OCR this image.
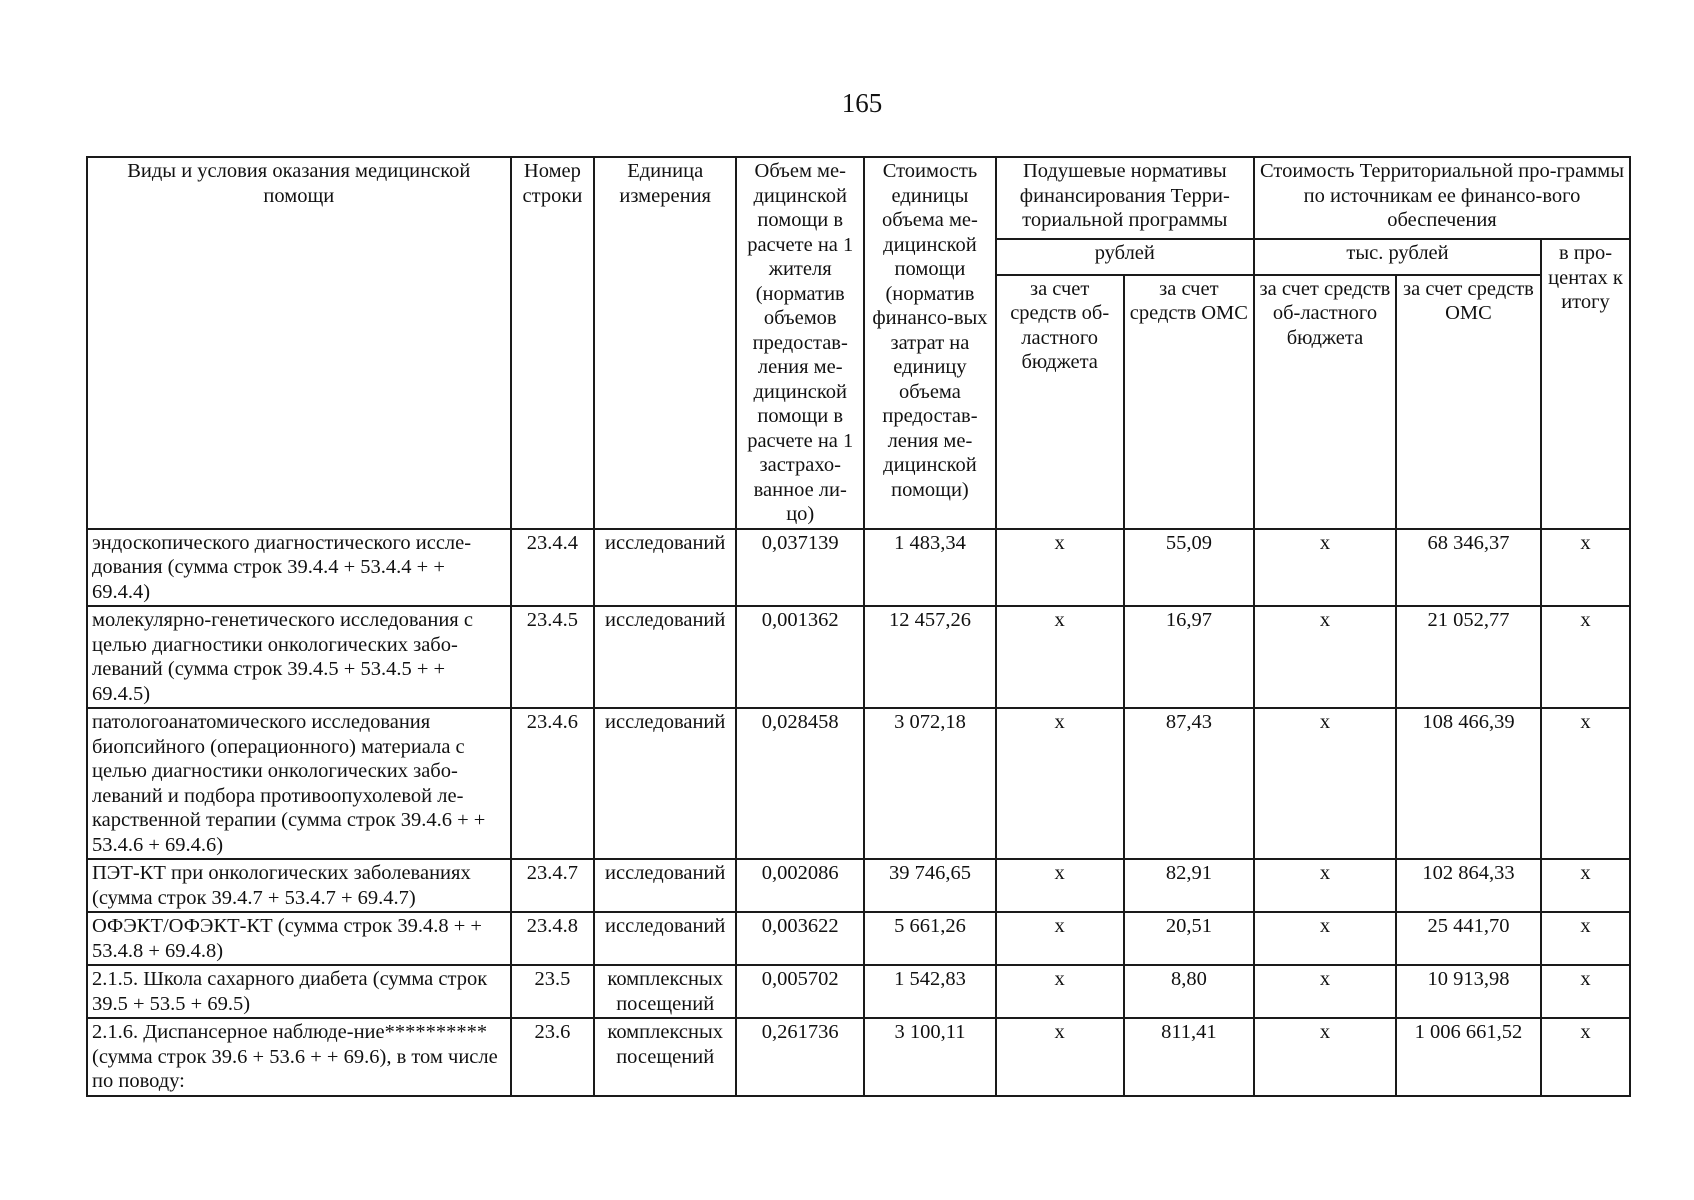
165
Виды и условия оказания медицинской помощи	Номер строки	Единица измерения	Объем ме-дицинской помощи в расчете на 1 жителя (норматив объемов предостав-ления ме-дицинской помощи в расчете на 1 застрахо-ванное ли-цо)	Стоимость единицы объема ме-дицинской помощи (норматив финансо-вых затрат на единицу объема предостав-ления ме-дицинской помощи)	Подушевые нормативы финансирования Терри-ториальной программы		Стоимость Территориальной про-граммы по источникам ее финансо-вого обеспечения		
					рублей		тыс. рублей		в про-центах к итогу
					за счет средств об-ластного бюджета	за счет средств ОМС	за счет средств об-ластного бюджета	за счет средств ОМС	
эндоскопического диагностического иссле-дования (сумма строк 39.4.4 + 53.4.4 + + 69.4.4)	23.4.4	исследований	0,037139	1 483,34	х	55,09	х	68 346,37	х
молекулярно-генетического исследования с целью диагностики онкологических забо-леваний (сумма строк 39.4.5 + 53.4.5 + + 69.4.5)	23.4.5	исследований	0,001362	12 457,26	х	16,97	х	21 052,77	х
патологоанатомического исследования биопсийного (операционного) материала с целью диагностики онкологических забо-леваний и подбора противоопухолевой ле-карственной терапии (сумма строк 39.4.6 + + 53.4.6 + 69.4.6)	23.4.6	исследований	0,028458	3 072,18	х	87,43	х	108 466,39	х
ПЭТ-КТ при онкологических заболеваниях (сумма строк 39.4.7 + 53.4.7 + 69.4.7)	23.4.7	исследований	0,002086	39 746,65	х	82,91	х	102 864,33	х
ОФЭКТ/ОФЭКТ-КТ (сумма строк 39.4.8 + + 53.4.8 + 69.4.8)	23.4.8	исследований	0,003622	5 661,26	х	20,51	х	25 441,70	х
2.1.5. Школа сахарного диабета (сумма строк 39.5 + 53.5 + 69.5)	23.5	комплексных посещений	0,005702	1 542,83	х	8,80	х	10 913,98	х
2.1.6. Диспансерное наблюде-ние********** (сумма строк 39.6 + 53.6 + + 69.6), в том числе по поводу:	23.6	комплексных посещений	0,261736	3 100,11	х	811,41	х	1 006 661,52	х
